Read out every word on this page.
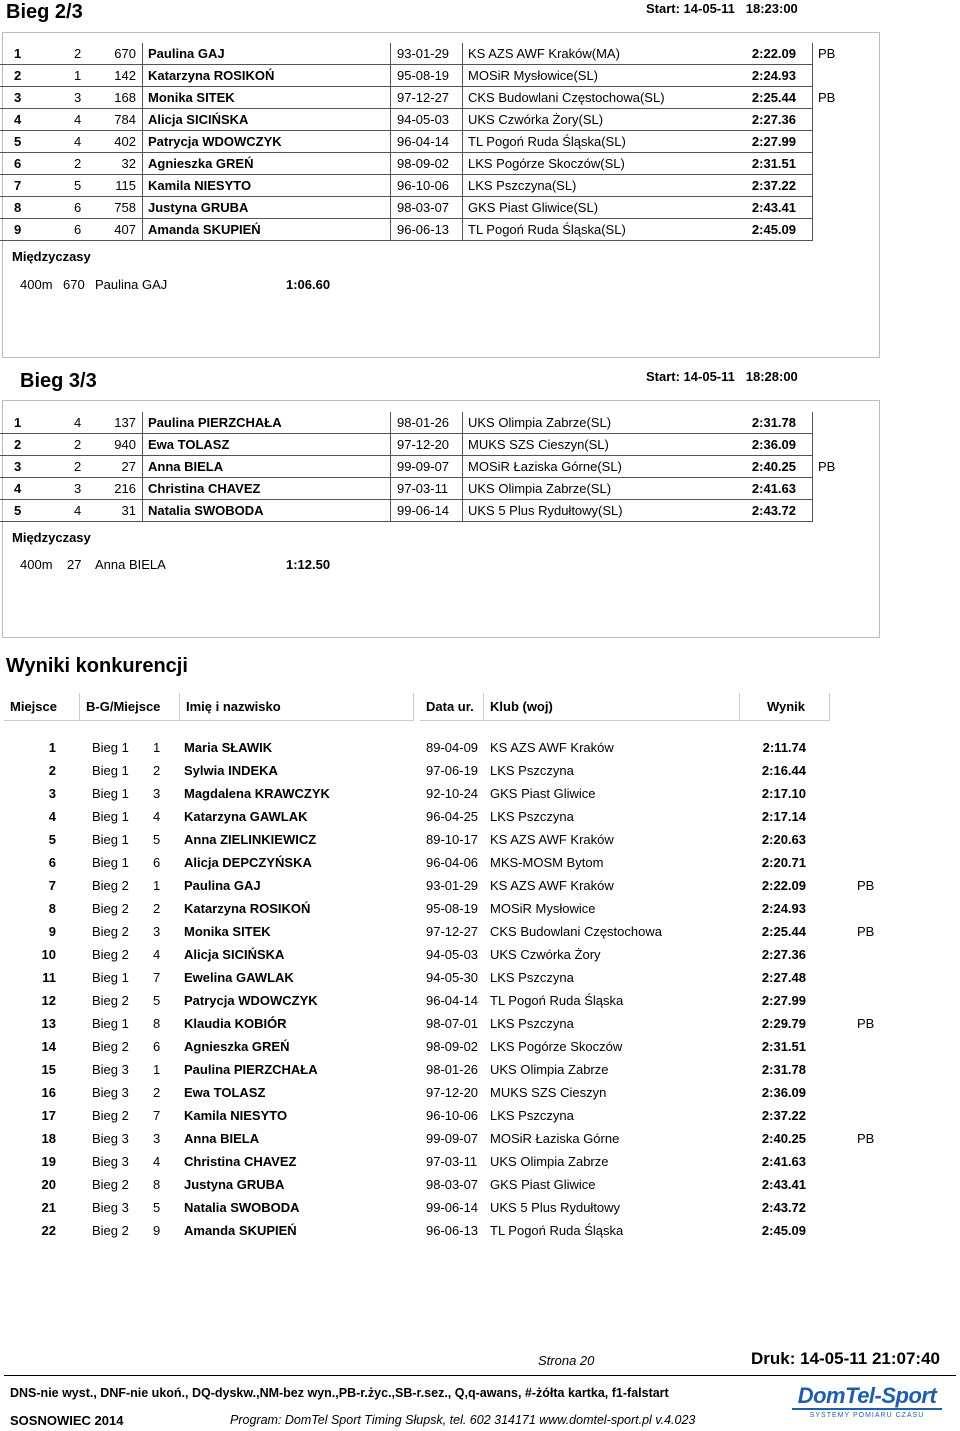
Bieg 2/3	Start: 14-05-11 18:23:00
1	2	670 Paulina GAJ	93-01-29 KS AZS AWF Kraków(MA)	2:22.09 PB
2	1	142 Katarzyna ROSIKOŃ	95-08-19 MOSiR Mysłowice(SL)	2:24.93
3	3	168 Monika SITEK	97-12-27 CKS Budowlani Częstochowa(SL)	2:25.44 PB
4	4	784 Alicja SICIŃSKA	94-05-03 UKS Czwórka Żory(SL)	2:27.36
5	4	402 Patrycja WDOWCZYK	96-04-14 TL Pogoń Ruda Śląska(SL)	2:27.99
6	2	32 Agnieszka GREŃ	98-09-02 LKS Pogórze Skoczów(SL)	2:31.51
7	5	115 Kamila NIESYTO	96-10-06 LKS Pszczyna(SL)	2:37.22
8	6	758 Justyna GRUBA	98-03-07 GKS Piast Gliwice(SL)	2:43.41
9	6	407 Amanda SKUPIEŃ	96-06-13 TL Pogoń Ruda Śląska(SL)	2:45.09
Międzyczasy
400m 670 Paulina GAJ	1:06.60
Bieg 3/3	Start: 14-05-11 18:28:00
1	4	137 Paulina PIERZCHAŁA	98-01-26 UKS Olimpia Zabrze(SL)	2:31.78
2	2	940 Ewa TOLASZ	97-12-20 MUKS SZS Cieszyn(SL)	2:36.09
3	2	27 Anna BIELA	99-09-07 MOSiR Łaziska Górne(SL)	2:40.25 PB
4	3	216 Christina CHAVEZ	97-03-11 UKS Olimpia Zabrze(SL)	2:41.63
5	4	31 Natalia SWOBODA	99-06-14 UKS 5 Plus Rydułtowy(SL)	2:43.72
Międzyczasy
400m 27 Anna BIELA	1:12.50
Wyniki konkurencji
Miejsce	B-G/Miejsce	Imię i nazwisko	Data ur.	Klub (woj)	Wynik
1	Bieg 1 1 Maria SŁAWIK	89-04-09 KS AZS AWF Kraków	2:11.74
2	Bieg 1 2 Sylwia INDEKA	97-06-19 LKS Pszczyna	2:16.44
3	Bieg 1 3 Magdalena KRAWCZYK	92-10-24 GKS Piast Gliwice	2:17.10
4	Bieg 1 4 Katarzyna GAWLAK	96-04-25 LKS Pszczyna	2:17.14
5	Bieg 1 5 Anna ZIELINKIEWICZ	89-10-17 KS AZS AWF Kraków	2:20.63
6	Bieg 1 6 Alicja DEPCZYŃSKA	96-04-06 MKS-MOSM Bytom	2:20.71
7	Bieg 2 1 Paulina GAJ	93-01-29 KS AZS AWF Kraków	2:22.09	PB
8	Bieg 2 2 Katarzyna ROSIKOŃ	95-08-19 MOSiR Mysłowice	2:24.93
9	Bieg 2 3 Monika SITEK	97-12-27 CKS Budowlani Częstochowa	2:25.44	PB
10	Bieg 2 4 Alicja SICIŃSKA	94-05-03 UKS Czwórka Żory	2:27.36
11	Bieg 1 7 Ewelina GAWLAK	94-05-30 LKS Pszczyna	2:27.48
12	Bieg 2 5 Patrycja WDOWCZYK	96-04-14 TL Pogoń Ruda Śląska	2:27.99
13	Bieg 1 8 Klaudia KOBIÓR	98-07-01 LKS Pszczyna	2:29.79	PB
14	Bieg 2 6 Agnieszka GREŃ	98-09-02 LKS Pogórze Skoczów	2:31.51
15	Bieg 3 1 Paulina PIERZCHAŁA	98-01-26 UKS Olimpia Zabrze	2:31.78
16	Bieg 3 2 Ewa TOLASZ	97-12-20 MUKS SZS Cieszyn	2:36.09
17	Bieg 2 7 Kamila NIESYTO	96-10-06 LKS Pszczyna	2:37.22
18	Bieg 3 3 Anna BIELA	99-09-07 MOSiR Łaziska Górne	2:40.25	PB
19	Bieg 3 4 Christina CHAVEZ	97-03-11 UKS Olimpia Zabrze	2:41.63
20	Bieg 2 8 Justyna GRUBA	98-03-07 GKS Piast Gliwice	2:43.41
21	Bieg 3 5 Natalia SWOBODA	99-06-14 UKS 5 Plus Rydułtowy	2:43.72
22	Bieg 2 9 Amanda SKUPIEŃ	96-06-13 TL Pogoń Ruda Śląska	2:45.09
Strona 20	Druk: 14-05-11 21:07:40
DNS-nie wyst., DNF-nie ukoń., DQ-dyskw.,NM-bez wyn.,PB-r.życ.,SB-r.sez., Q,q-awans, #-żółta kartka, f1-falstart
SOSNOWIEC 2014	Program: DomTel Sport Timing Słupsk, tel. 602 314171 www.domtel-sport.pl v.4.023
DomTel-Sport
SYSTEMY POMIARU CZASU
